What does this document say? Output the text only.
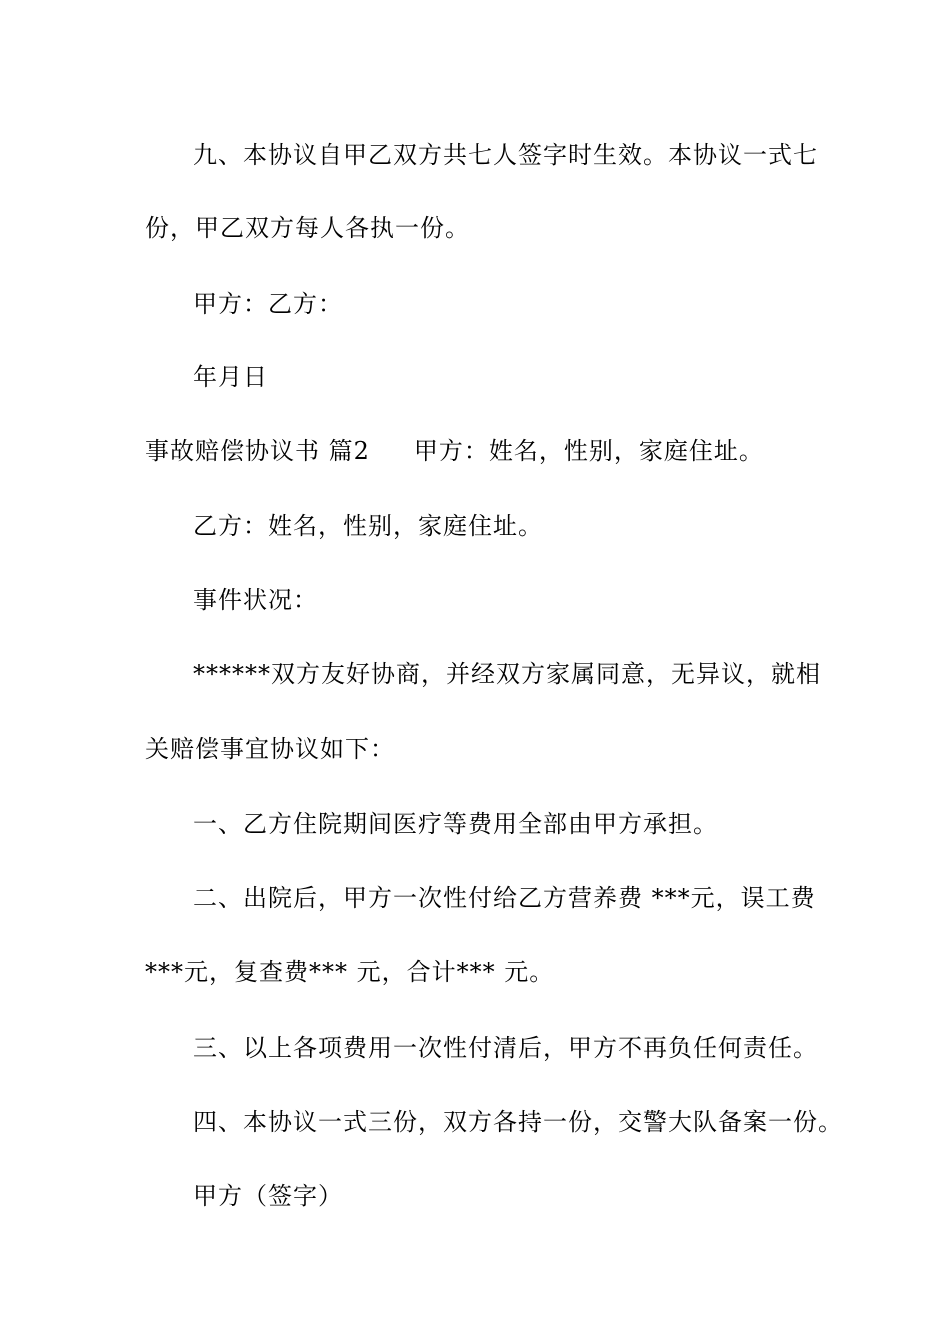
九、本协议自甲乙双方共七人签字时生效。本协议一式七
份，甲乙双方每人各执一份。
甲方：乙方：
年月日
事故赔偿协议书 篇2 甲方：姓名，性别，家庭住址。
乙方：姓名，性别，家庭住址。
事件状况：
******双方友好协商，并经双方家属同意，无异议，就相
关赔偿事宜协议如下：
一、乙方住院期间医疗等费用全部由甲方承担。
二、出院后，甲方一次性付给乙方营养费 ***元，误工费
***元，复查费*** 元，合计*** 元。
三、以上各项费用一次性付清后，甲方不再负任何责任。
四、本协议一式三份，双方各持一份，交警大队备案一份。
甲方（签字）
